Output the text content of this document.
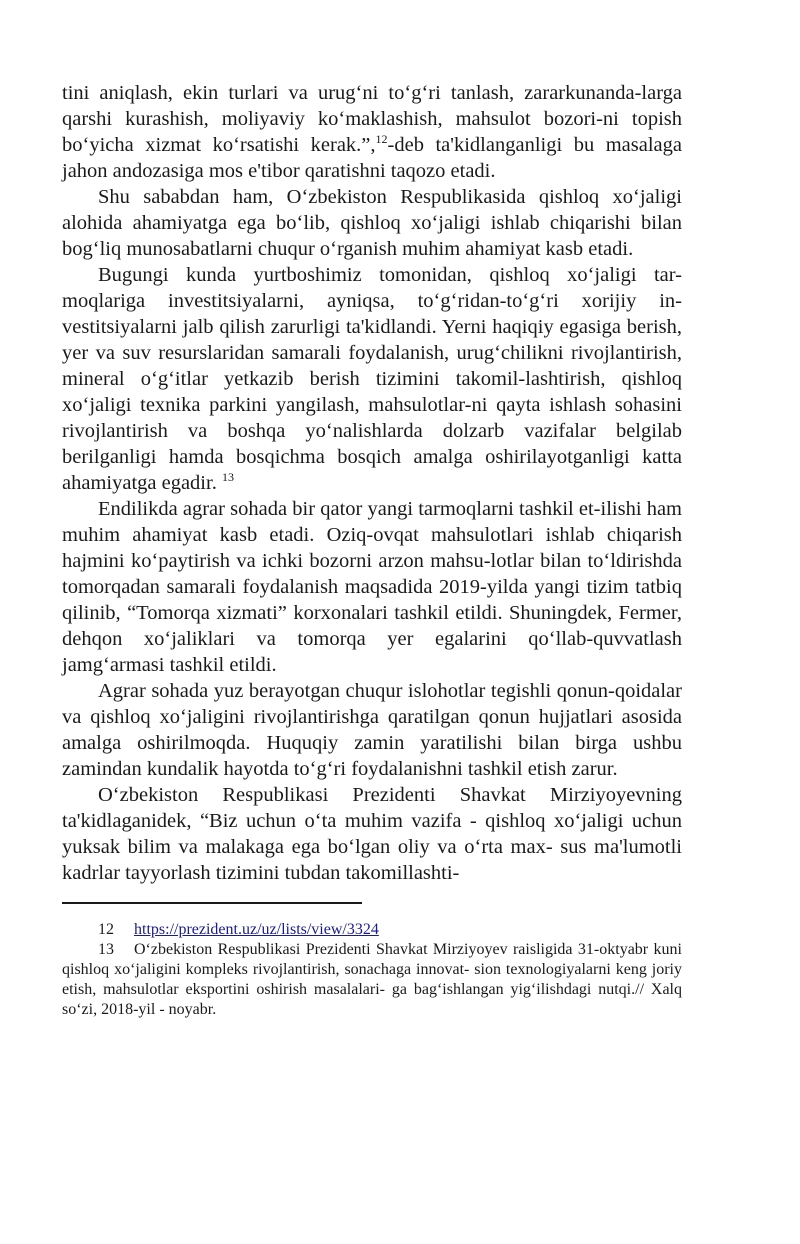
tini aniqlash, ekin turlari va urug‘ni to‘g‘ri tanlash, zararkunanda-larga qarshi kurashish, moliyaviy ko‘maklashish, mahsulot bozori-ni topish bo‘yicha xizmat ko‘rsatishi kerak.”,$^{12}$-deb ta'kidlanganligi bu masalaga jahon andozasiga mos e'tibor qaratishni taqozo etadi.

Shu sababdan ham, O‘zbekiston Respublikasida qishloq xo‘jaligi alohida ahamiyatga ega bo‘lib, qishloq xo‘jaligi ishlab chiqarishi bilan bog‘liq munosabatlarni chuqur o‘rganish muhim ahamiyat kasb etadi.

Bugungi kunda yurtboshimiz tomonidan, qishloq xo‘jaligi tar-moqlariga investitsiyalarni, ayniqsa, to‘g‘ridan-to‘g‘ri xorijiy in-vestitsiyalarni jalb qilish zarurligi ta'kidlandi. Yerni haqiqiy egasiga berish, yer va suv resurslaridan samarali foydalanish, urug‘chilikni rivojlantirish, mineral o‘g‘itlar yetkazib berish tizimini takomil-lashtirish, qishloq xo‘jaligi texnika parkini yangilash, mahsulotlar-ni qayta ishlash sohasini rivojlantirish va boshqa yo‘nalishlarda dolzarb vazifalar belgilab berilganligi hamda bosqichma bosqich amalga oshirilayotganligi katta ahamiyatga egadir. $^{13}$

Endilikda agrar sohada bir qator yangi tarmoqlarni tashkil et-ilishi ham muhim ahamiyat kasb etadi. Oziq-ovqat mahsulotlari ishlab chiqarish hajmini ko‘paytirish va ichki bozorni arzon mahsu-lotlar bilan to‘ldirishda tomorqadan samarali foydalanish maqsadida 2019-yilda yangi tizim tatbiq qilinib, “Tomorqa xizmati” korxonalari tashkil etildi. Shuningdek, Fermer, dehqon xo‘jaliklari va tomorqa yer egalarini qo‘llab-quvvatlash jamg‘armasi tashkil etildi.

Agrar sohada yuz berayotgan chuqur islohotlar tegishli qonun-qoidalar va qishloq xo‘jaligini rivojlantirishga qaratilgan qonun hujjatlari asosida amalga oshirilmoqda. Huquqiy zamin yaratilishi bilan birga ushbu zamindan kundalik hayotda to‘g‘ri foydalanishni tashkil etish zarur.

O‘zbekiston Respublikasi Prezidenti Shavkat Mirziyoyevning ta'kidlaganidek, “Biz uchun o‘ta muhim vazifa - qishloq xo‘jaligi uchun yuksak bilim va malakaga ega bo‘lgan oliy va o‘rta max- sus ma'lumotli kadrlar tayyorlash tizimini tubdan takomillashti-

12 https://prezident.uz/uz/lists/view/3324

13 O‘zbekiston Respublikasi Prezidenti Shavkat Mirziyoyev raisligida 31-oktyabr kuni qishloq xo‘jaligini kompleks rivojlantirish, sonachaga innovat- sion texnologiyalarni keng joriy etish, mahsulotlar eksportini oshirish masalalari- ga bag‘ishlangan yig‘ilishdagi nutqi.// Xalq so‘zi, 2018-yil - noyabr.
